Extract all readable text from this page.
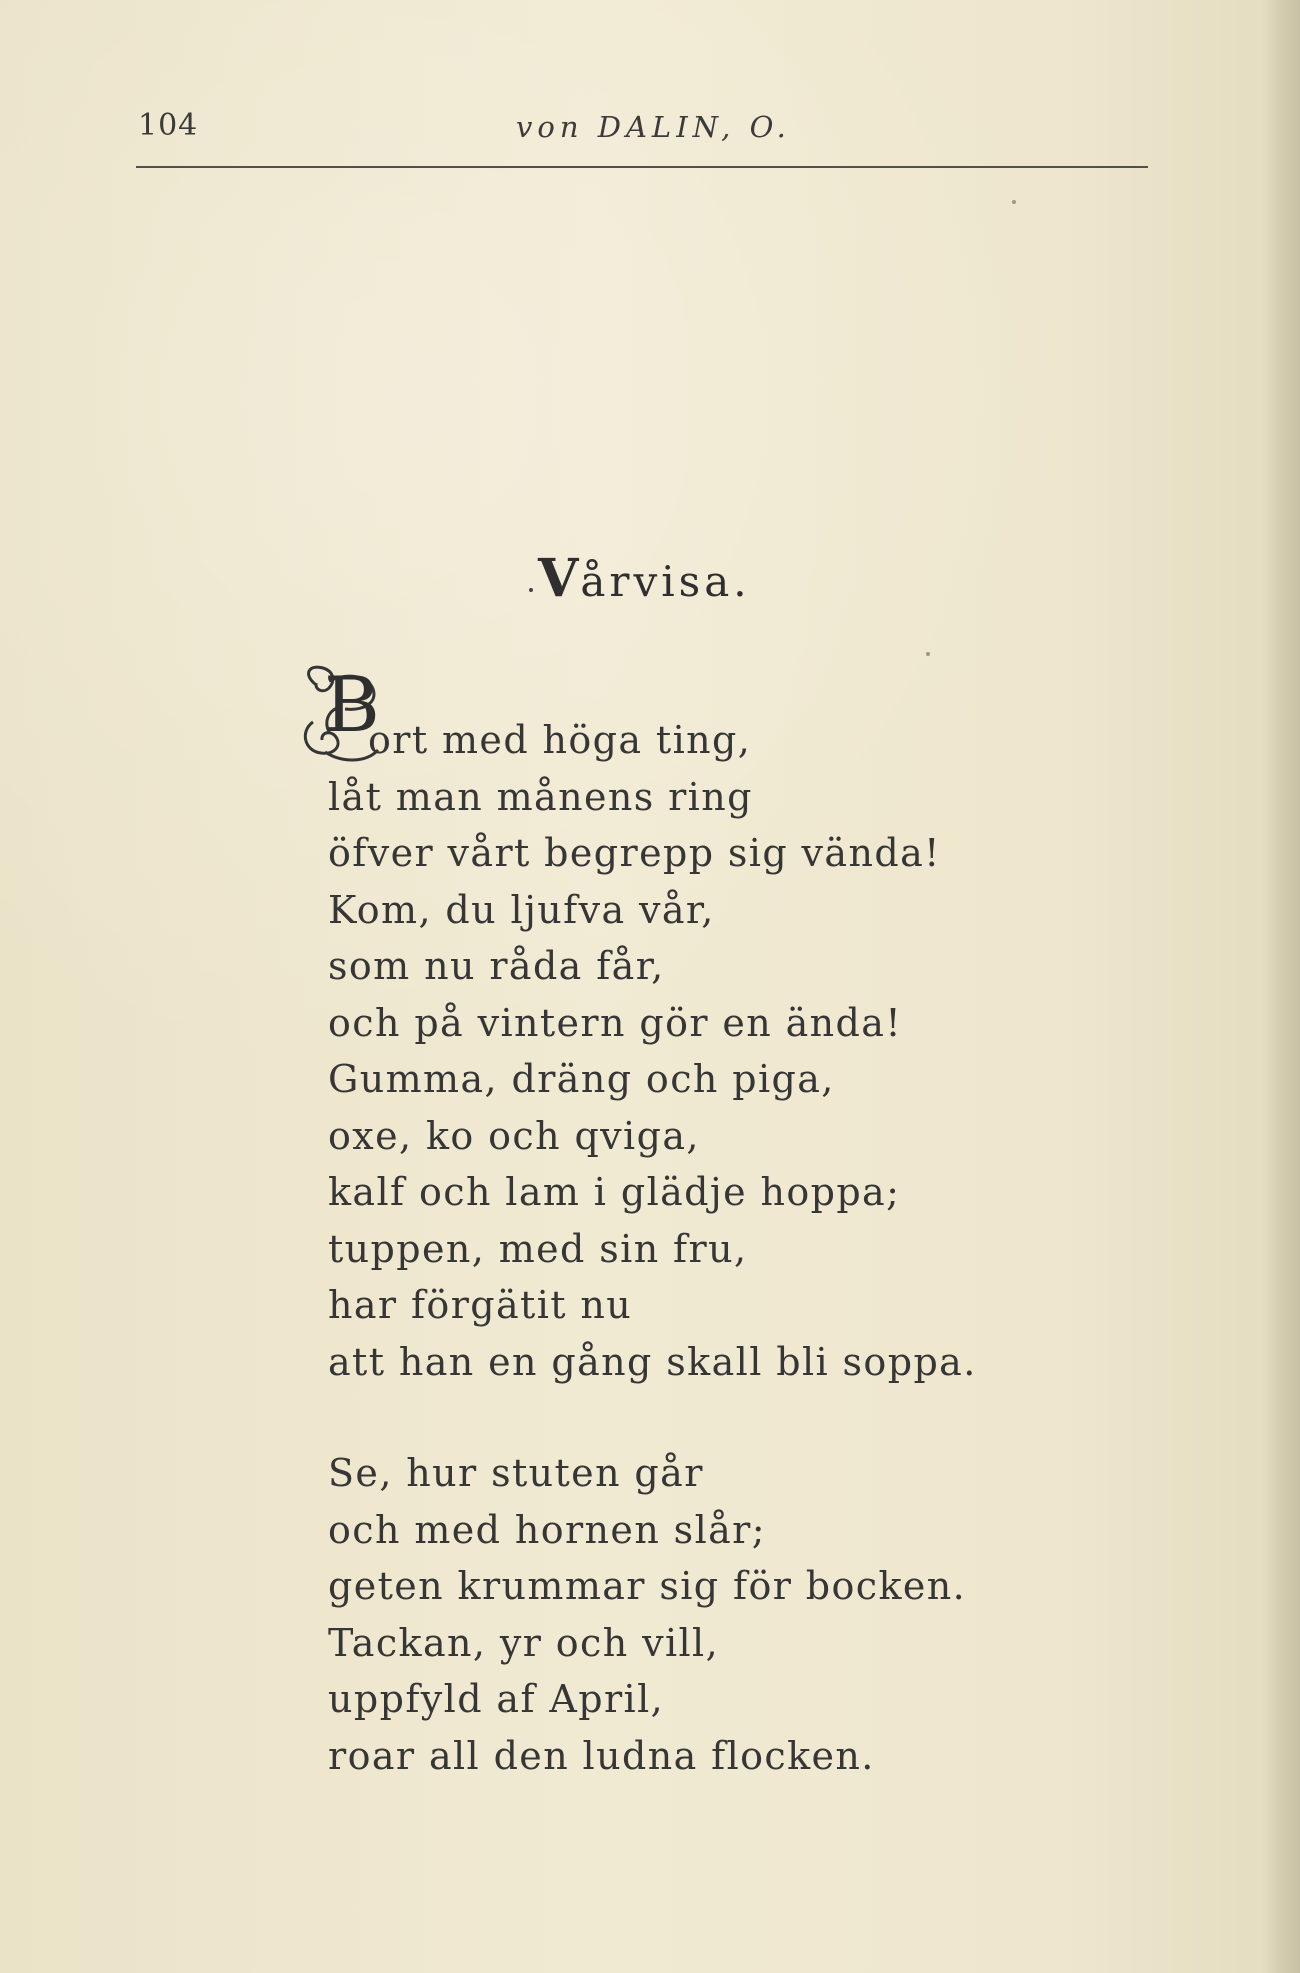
104	von DALIN, O.
Vårvisa.
B
ort med höga ting,
låt man månens ring
öfver vårt begrepp sig vända!
Kom, du ljufva vår,
som nu råda får,
och på vintern gör en ända!
Gumma, dräng och piga,
oxe, ko och qviga,
kalf och lam i glädje hoppa;
tuppen, med sin fru,
har förgätit nu
att han en gång skall bli soppa.
Se, hur stuten går
och med hornen slår;
geten krummar sig för bocken.
Tackan, yr och vill,
uppfyld af April,
roar all den ludna flocken.
